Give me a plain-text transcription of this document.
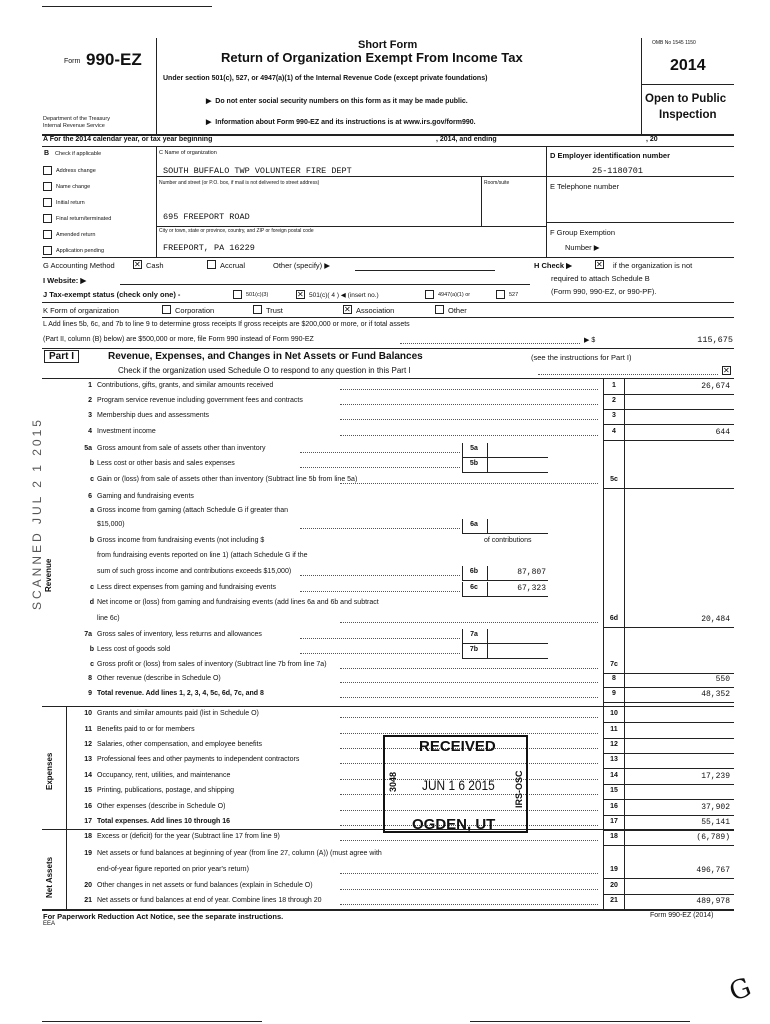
Form 990-EZ
Department of the Treasury
Internal Revenue Service
Short Form
Return of Organization Exempt From Income Tax
Under section 501(c), 527, or 4947(a)(1) of the Internal Revenue Code (except private foundations)
▶  Do not enter social security numbers on this form as it may be made public.
▶  Information about Form 990-EZ and its instructions is at www.irs.gov/form990.
OMB No 1545 1150
2014
Open to Public
Inspection
A For the 2014 calendar year, or tax year beginning	, 2014, and ending	, 20
B Check if applicable
Address change
Name change
Initial return
Final return/terminated
Amended return
Application pending
C Name of organization
SOUTH BUFFALO TWP VOLUNTEER FIRE DEPT
Number and street (or P.O. box, if mail is not delivered to street address)	Room/suite
695 FREEPORT ROAD
City or town, state or province, country, and ZIP or foreign postal code
FREEPORT, PA 16229
D Employer identification number
25-1180701
E Telephone number
F Group Exemption
Number ▶
G Accounting Method ✕	Cash	Accrual	Other (specify) ▶	H Check ▶ ✕	if the organization is not
required to attach Schedule B
(Form 990, 990-EZ, or 990-PF).
I Website: ▶
J Tax-exempt status (check only one) -	501(c)(3) ✕	501(c)( 4 ) ◀ (insert no.)	4947(a)(1) or	527
K Form of organization	Corporation	Trust ✕	Association	Other
L Add lines 5b, 6c, and 7b to line 9 to determine gross receipts If gross receipts are $200,000 or more, or if total assets
(Part II, column (B) below) are $500,000 or more, file Form 990 instead of Form 990-EZ	▶ $	115,675
Part I	Revenue, Expenses, and Changes in Net Assets or Fund Balances	(see the instructions for Part I)
Check if the organization used Schedule O to respond to any question in this Part I
✕
Revenue
Expenses
Net Assets
SCANNED JUL 2 1 2015
1 Contributions, gifts, grants, and similar amounts received	1	26,674
2 Program service revenue including government fees and contracts	2
3 Membership dues and assessments	3
4 Investment income	4	644
5a Gross amount from sale of assets other than inventory	5a
b Less cost or other basis and sales expenses	5b
c Gain or (loss) from sale of assets other than inventory (Subtract line 5b from line 5a)	5c
6 Gaming and fundraising events
a Gross income from gaming (attach Schedule G if greater than
$15,000)	6a
b Gross income from fundraising events (not including $	of contributions
from fundraising events reported on line 1) (attach Schedule G if the
sum of such gross income and contributions exceeds $15,000)	6b	87,807
c Less direct expenses from gaming and fundraising events	6c	67,323
d Net income or (loss) from gaming and fundraising events (add lines 6a and 6b and subtract
line 6c)	6d	20,484
7a Gross sales of inventory, less returns and allowances	7a
b Less cost of goods sold	7b
c Gross profit or (loss) from sales of inventory (Subtract line 7b from line 7a)	7c
8 Other revenue (describe in Schedule O)	8	550
9 Total revenue. Add lines 1, 2, 3, 4, 5c, 6d, 7c, and 8	9	48,352
10 Grants and similar amounts paid (list in Schedule O)	10
11 Benefits paid to or for members	11
12 Salaries, other compensation, and employee benefits	12
13 Professional fees and other payments to independent contractors	13
14 Occupancy, rent, utilities, and maintenance	14	17,239
15 Printing, publications, postage, and shipping	15
16 Other expenses (describe in Schedule O)	16	37,902
17 Total expenses. Add lines 10 through 16	17	55,141
18 Excess or (deficit) for the year (Subtract line 17 from line 9)	18	(6,789)
19 Net assets or fund balances at beginning of year (from line 27, column (A)) (must agree with
end-of-year figure reported on prior year's return)	19	496,767
20 Other changes in net assets or fund balances (explain in Schedule O)	20
21 Net assets or fund balances at end of year. Combine lines 18 through 20	21	489,978
RECEIVED
JUN 1 6 2015
3048	IRS-OSC
OGDEN, UT
For Paperwork Reduction Act Notice, see the separate instructions.
EEA
Form 990-EZ (2014)
G
